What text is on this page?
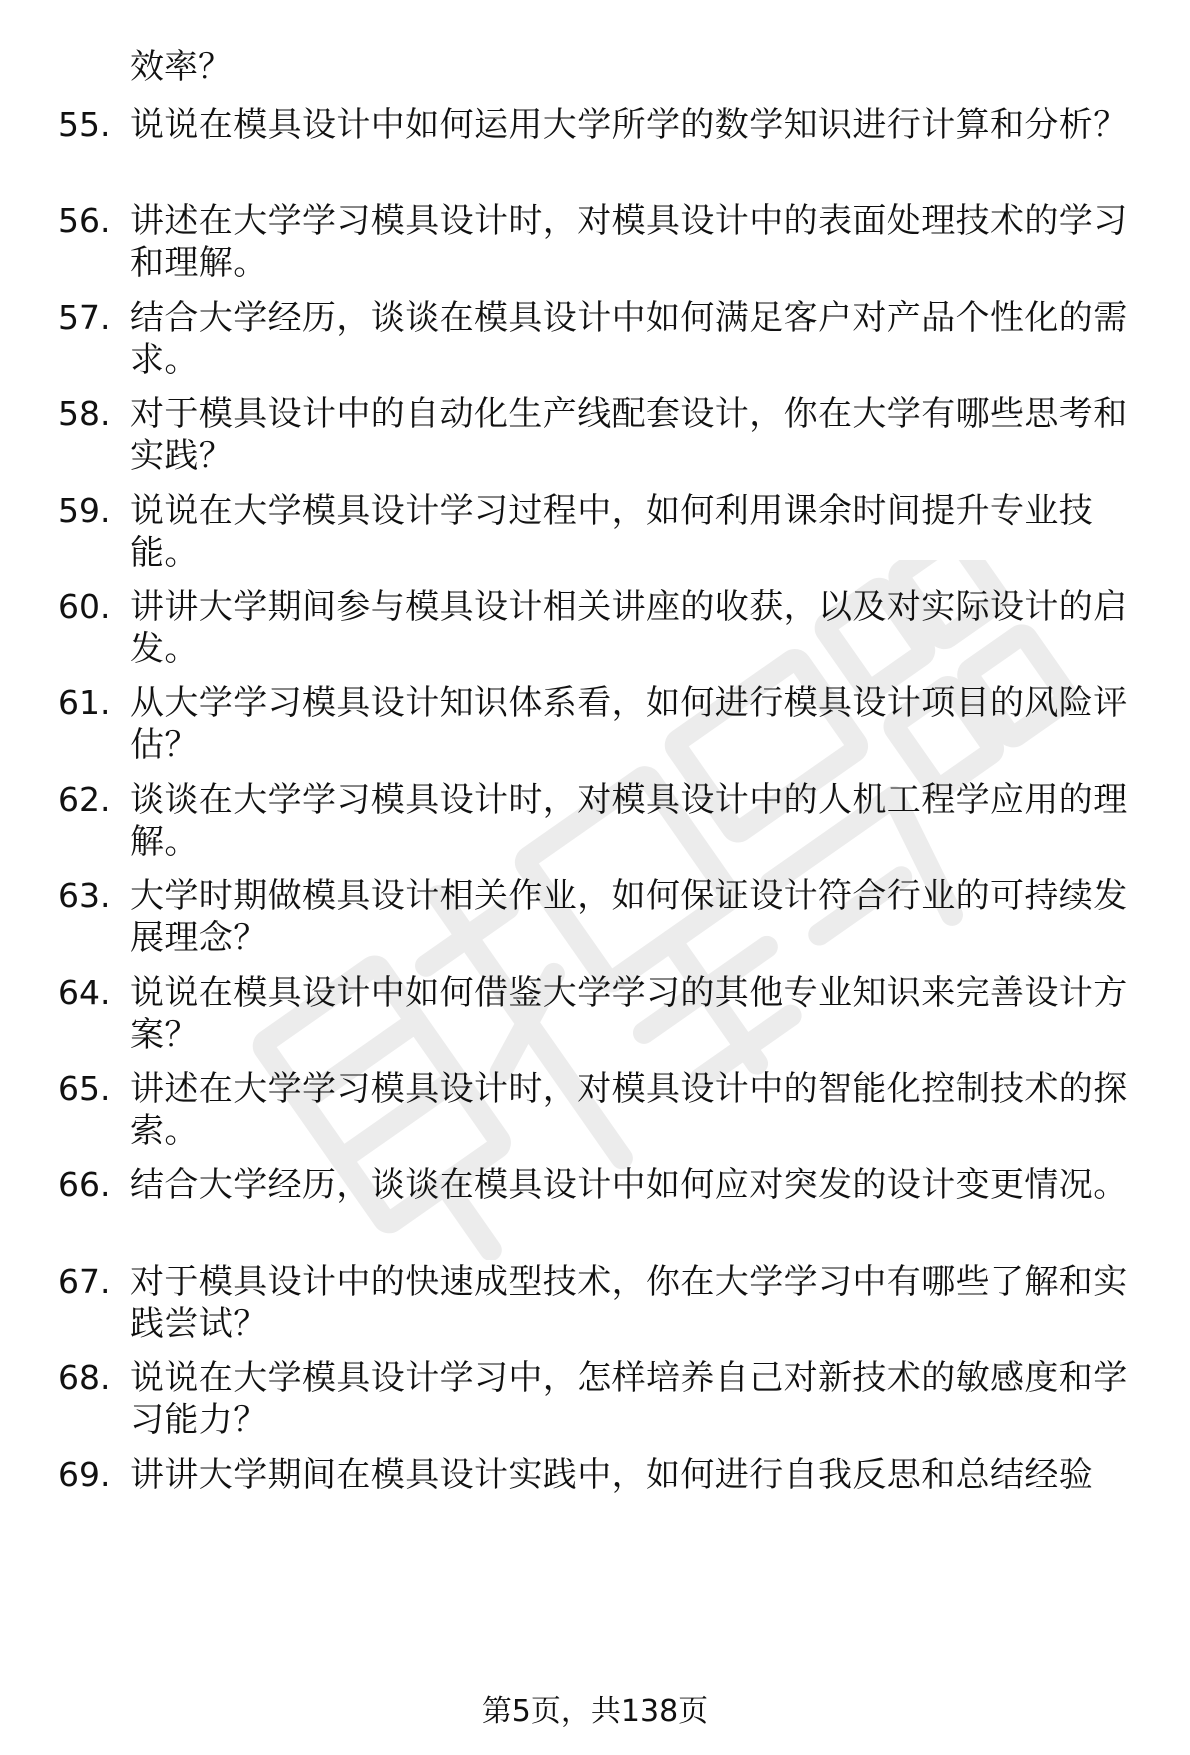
效率？
55. 说说在模具设计中如何运用大学所学的数学知识进行计算和分析？
56. 讲述在大学学习模具设计时，对模具设计中的表面处理技术的学习和理解。
57. 结合大学经历，谈谈在模具设计中如何满足客户对产品个性化的需求。
58. 对于模具设计中的自动化生产线配套设计，你在大学有哪些思考和实践？
59. 说说在大学模具设计学习过程中，如何利用课余时间提升专业技能。
60. 讲讲大学期间参与模具设计相关讲座的收获，以及对实际设计的启发。
61. 从大学学习模具设计知识体系看，如何进行模具设计项目的风险评估？
62. 谈谈在大学学习模具设计时，对模具设计中的人机工程学应用的理解。
63. 大学时期做模具设计相关作业，如何保证设计符合行业的可持续发展理念？
64. 说说在模具设计中如何借鉴大学学习的其他专业知识来完善设计方案？
65. 讲述在大学学习模具设计时，对模具设计中的智能化控制技术的探索。
66. 结合大学经历，谈谈在模具设计中如何应对突发的设计变更情况。
67. 对于模具设计中的快速成型技术，你在大学学习中有哪些了解和实践尝试？
68. 说说在大学模具设计学习中，怎样培养自己对新技术的敏感度和学习能力？
69. 讲讲大学期间在模具设计实践中，如何进行自我反思和总结经验
第5页，共138页
